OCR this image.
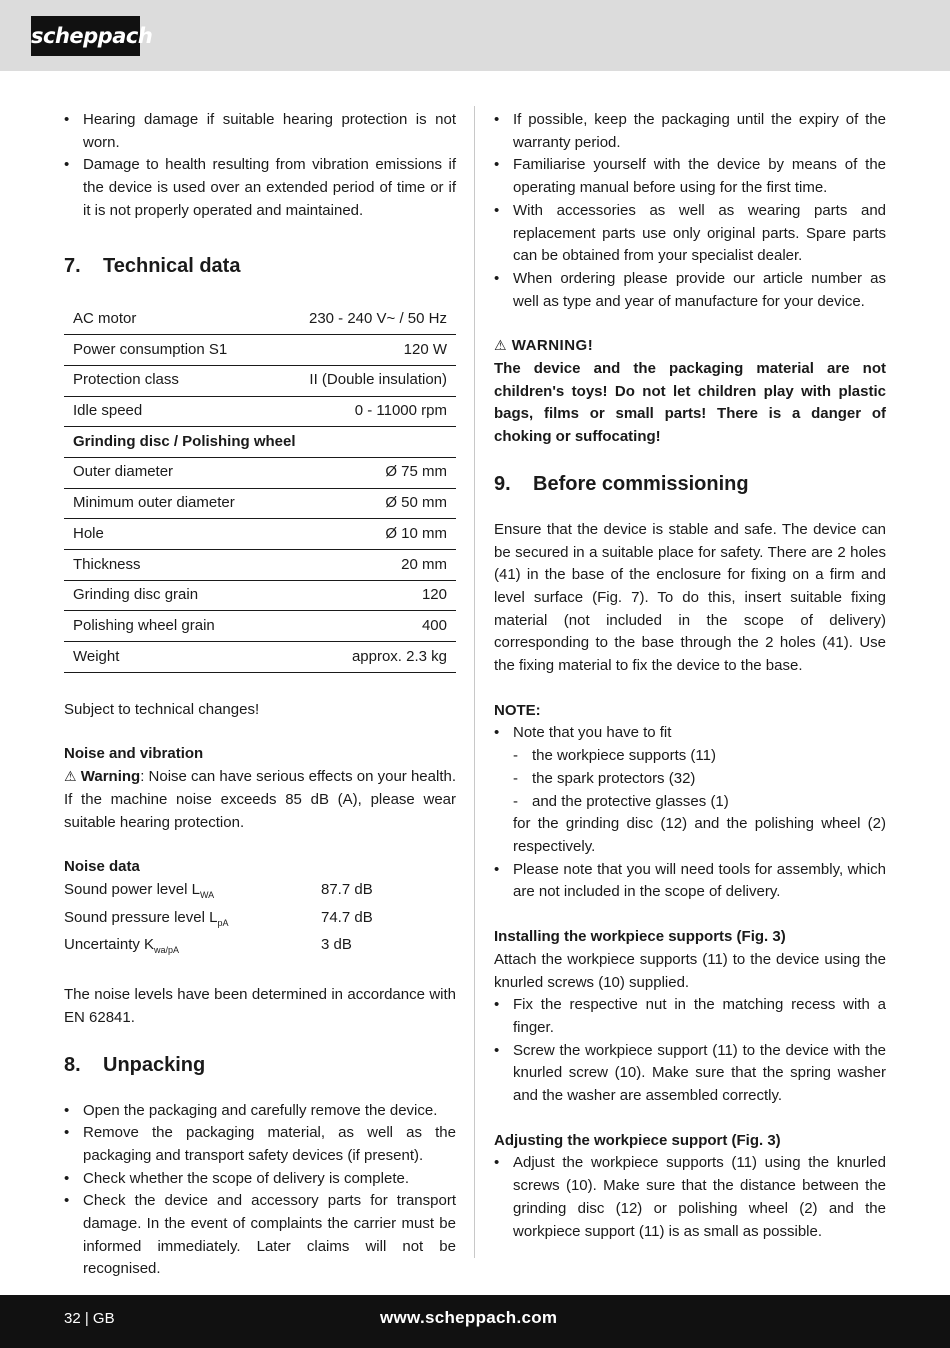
scheppach
• Hearing damage if suitable hearing protection is not worn.
• Damage to health resulting from vibration emissions if the device is used over an extended period of time or if it is not properly operated and maintained.
7. Technical data
AC motor	230 - 240 V~ / 50 Hz
Power consumption S1	120 W
Protection class	II (Double insulation)
Idle speed	0 - 11000 rpm
Grinding disc / Polishing wheel	
Outer diameter	Ø 75 mm
Minimum outer diameter	Ø 50 mm
Hole	Ø 10 mm
Thickness	20 mm
Grinding disc grain	120
Polishing wheel grain	400
Weight	approx. 2.3 kg

Subject to technical changes!

Noise and vibration

⚠ Warning: Noise can have serious effects on your health. If the machine noise exceeds 85 dB (A), please wear suitable hearing protection.

Noise data

Sound power level $L_{WA}$	87.7 dB
Sound pressure level $L_{pA}$	74.7 dB
Uncertainty $K_{wa/pA}$	3 dB

The noise levels have been determined in accordance with EN 62841.

8. Unpacking
• Open the packaging and carefully remove the device.
• Remove the packaging material, as well as the packaging and transport safety devices (if present).
• Check whether the scope of delivery is complete.
• Check the device and accessory parts for transport damage. In the event of complaints the carrier must be informed immediately. Later claims will not be recognised.
• If possible, keep the packaging until the expiry of the warranty period.
• Familiarise yourself with the device by means of the operating manual before using for the first time.
• With accessories as well as wearing parts and replacement parts use only original parts. Spare parts can be obtained from your specialist dealer.
• When ordering please provide our article number as well as type and year of manufacture for your device.

⚠ WARNING!

The device and the packaging material are not children's toys! Do not let children play with plastic bags, films or small parts! There is a danger of choking or suffocating!

9. Before commissioning

Ensure that the device is stable and safe. The device can be secured in a suitable place for safety. There are 2 holes (41) in the base of the enclosure for fixing on a firm and level surface (Fig. 7). To do this, insert suitable fixing material (not included in the scope of delivery) corresponding to the base through the 2 holes (41). Use the fixing material to fix the device to the base.

NOTE:

• Note that you have to fit
- the workpiece supports (11)
- the spark protectors (32)
- and the protective glasses (1)
for the grinding disc (12) and the polishing wheel (2) respectively.
• Please note that you will need tools for assembly, which are not included in the scope of delivery.

Installing the workpiece supports (Fig. 3)

Attach the workpiece supports (11) to the device using the knurled screws (10) supplied.

• Fix the respective nut in the matching recess with a finger.
• Screw the workpiece support (11) to the device with the knurled screw (10). Make sure that the spring washer and the washer are assembled correctly.

Adjusting the workpiece support (Fig. 3)

• Adjust the workpiece supports (11) using the knurled screws (10). Make sure that the distance between the grinding disc (12) or polishing wheel (2) and the workpiece support (11) is as small as possible.
32 | GB	www.scheppach.com
